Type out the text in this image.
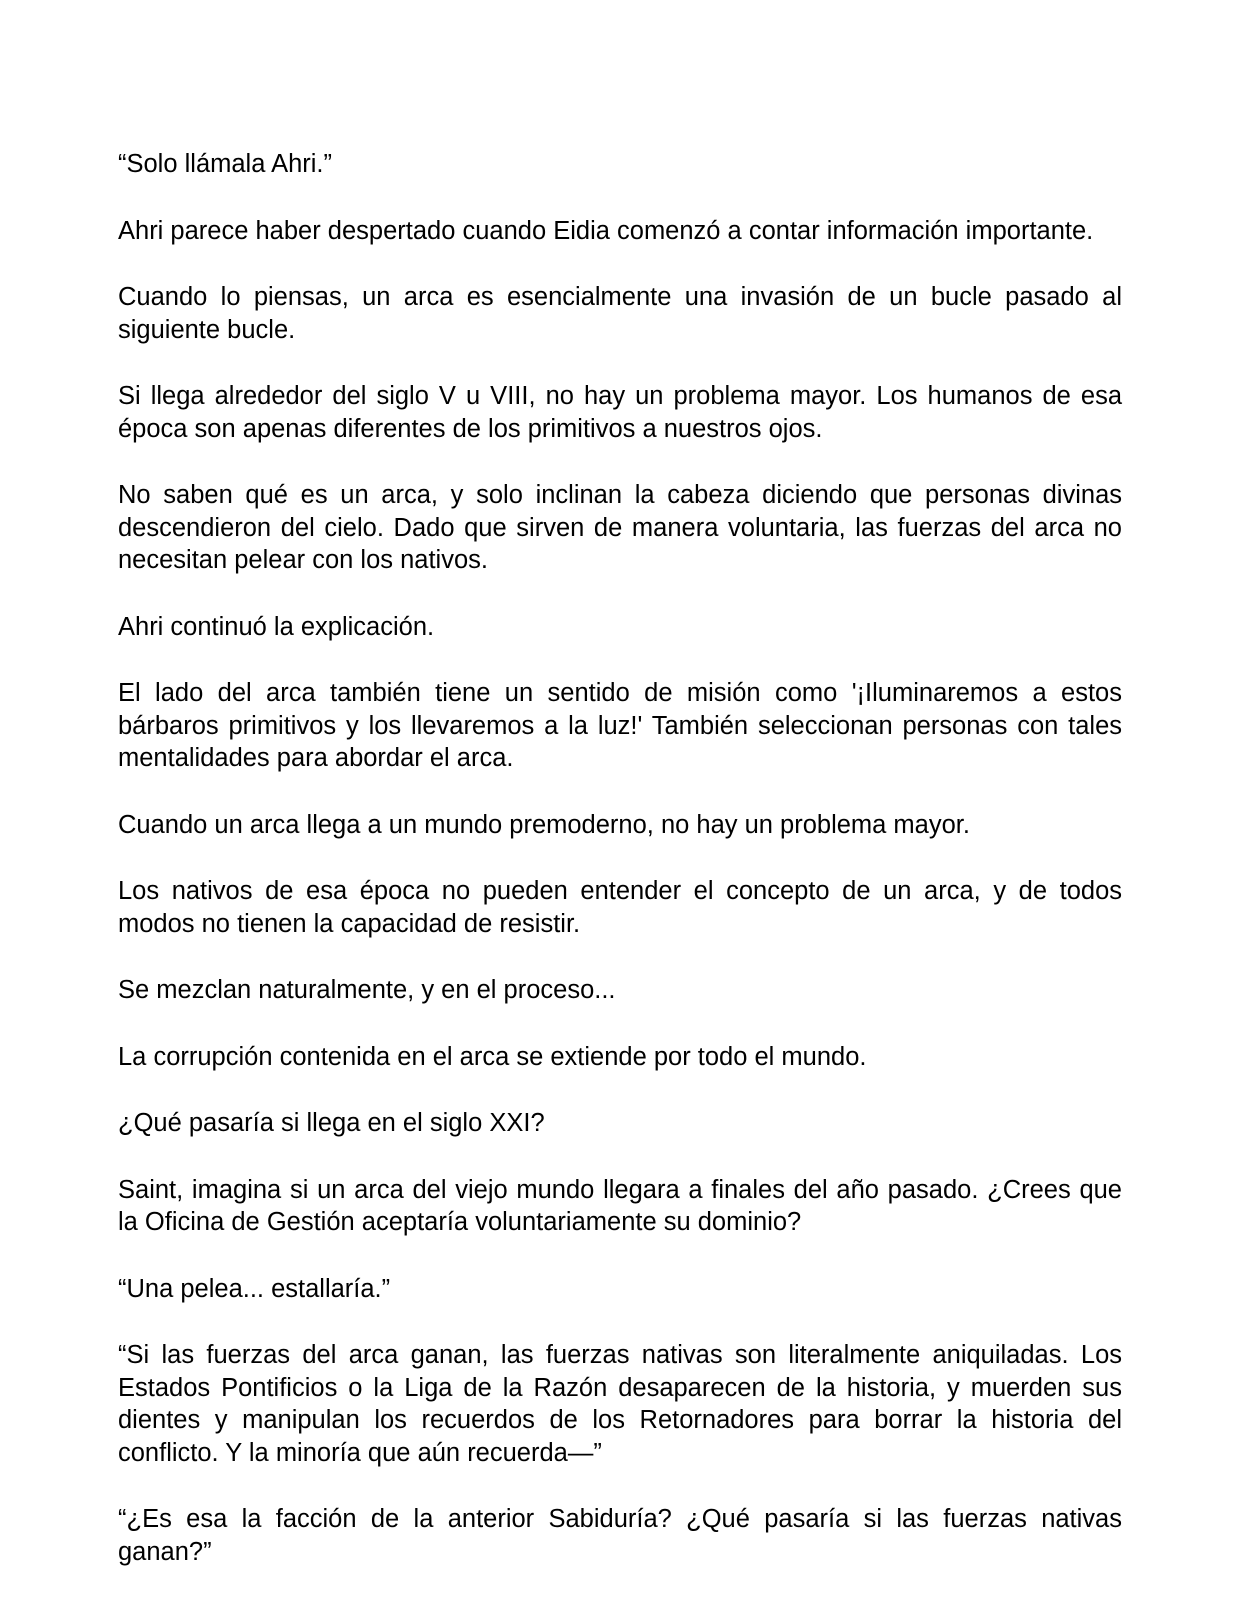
“Solo llámala Ahri.”

Ahri parece haber despertado cuando Eidia comenzó a contar información importante.

Cuando lo piensas, un arca es esencialmente una invasión de un bucle pasado al siguiente bucle.

Si llega alrededor del siglo V u VIII, no hay un problema mayor. Los humanos de esa época son apenas diferentes de los primitivos a nuestros ojos.

No saben qué es un arca, y solo inclinan la cabeza diciendo que personas divinas descendieron del cielo. Dado que sirven de manera voluntaria, las fuerzas del arca no necesitan pelear con los nativos.

Ahri continuó la explicación.

El lado del arca también tiene un sentido de misión como '¡Iluminaremos a estos bárbaros primitivos y los llevaremos a la luz!' También seleccionan personas con tales mentalidades para abordar el arca.

Cuando un arca llega a un mundo premoderno, no hay un problema mayor.

Los nativos de esa época no pueden entender el concepto de un arca, y de todos modos no tienen la capacidad de resistir.

Se mezclan naturalmente, y en el proceso...

La corrupción contenida en el arca se extiende por todo el mundo.

¿Qué pasaría si llega en el siglo XXI?

Saint, imagina si un arca del viejo mundo llegara a finales del año pasado. ¿Crees que la Oficina de Gestión aceptaría voluntariamente su dominio?

“Una pelea... estallaría.”

“Si las fuerzas del arca ganan, las fuerzas nativas son literalmente aniquiladas. Los Estados Pontificios o la Liga de la Razón desaparecen de la historia, y muerden sus dientes y manipulan los recuerdos de los Retornadores para borrar la historia del conflicto. Y la minoría que aún recuerda—”

“¿Es esa la facción de la anterior Sabiduría? ¿Qué pasaría si las fuerzas nativas ganan?”
